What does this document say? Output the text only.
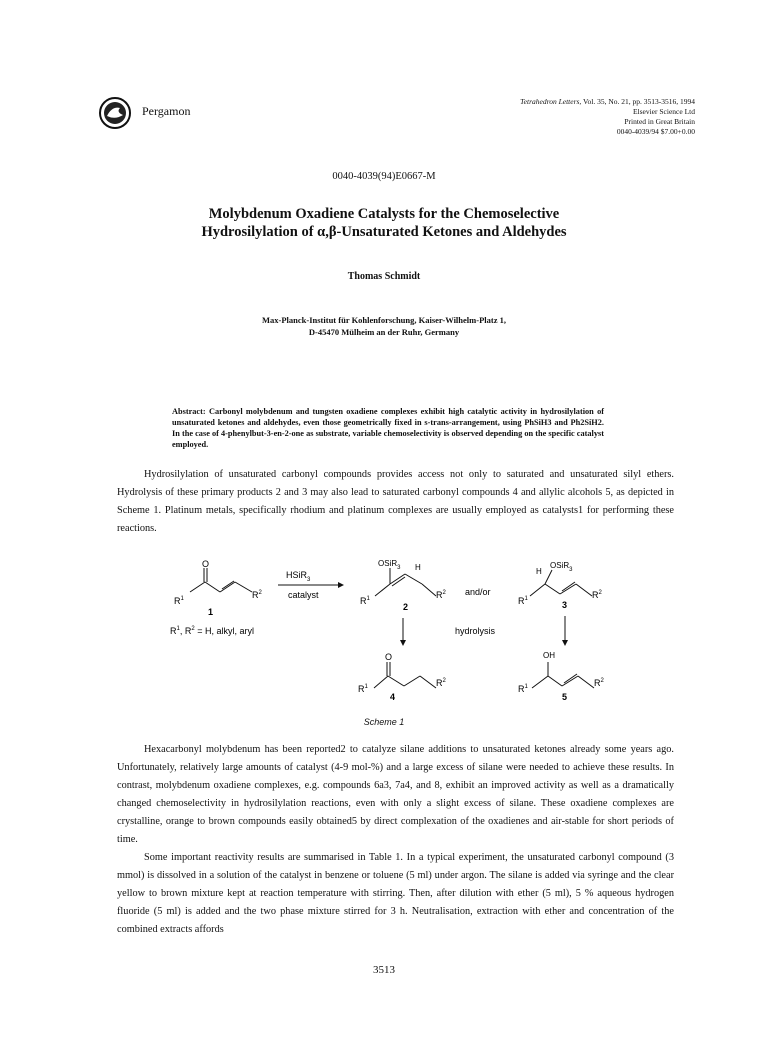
Pergamon
Tetrahedron Letters, Vol. 35, No. 21, pp. 3513-3516, 1994
Elsevier Science Ltd
Printed in Great Britain
0040-4039/94 $7.00+0.00
0040-4039(94)E0667-M
Molybdenum Oxadiene Catalysts for the Chemoselective
Hydrosilylation of α,β-Unsaturated Ketones and Aldehydes
Thomas Schmidt
Max-Planck-Institut für Kohlenforschung, Kaiser-Wilhelm-Platz 1,
D-45470 Mülheim an der Ruhr, Germany
Abstract: Carbonyl molybdenum and tungsten oxadiene complexes exhibit high catalytic activity in hydrosilylation of unsaturated ketones and aldehydes, even those geometrically fixed in s-trans-arrangement, using PhSiH3 and Ph2SiH2. In the case of 4-phenylbut-3-en-2-one as substrate, variable chemoselectivity is observed depending on the specific catalyst employed.

Hydrosilylation of unsaturated carbonyl compounds provides access not only to saturated and unsaturated silyl ethers. Hydrolysis of these primary products 2 and 3 may also lead to saturated carbonyl compounds 4 and allylic alcohols 5, as depicted in Scheme 1. Platinum metals, specifically rhodium and platinum complexes are usually employed as catalysts1 for performing these reactions.

O
$R^1$	$R^2$
1
$R^1$, $R^2 = H$, alkyl, aryl
HSiR$_3$
catalyst
OSiR$_3$ H
$R^1$	$R^2$
2
and/or
H
OSiR$_3$
$R^1$	$R^2$
3
hydrolysis
O
$R^1$	$R^2$
4
OH
$R^1$	$R^2$
5
Scheme 1

Hexacarbonyl molybdenum has been reported2 to catalyze silane additions to unsaturated ketones already some years ago. Unfortunately, relatively large amounts of catalyst (4-9 mol-%) and a large excess of silane were needed to achieve these results. In contrast, molybdenum oxadiene complexes, e.g. compounds 6a3, 7a4, and 8, exhibit an improved activity as well as a dramatically changed chemoselectivity in hydrosilylation reactions, even with only a slight excess of silane. These oxadiene complexes are crystalline, orange to brown compounds easily obtained5 by direct complexation of the oxadienes and air-stable for short periods of time.

Some important reactivity results are summarised in Table 1. In a typical experiment, the unsaturated carbonyl compound (3 mmol) is dissolved in a solution of the catalyst in benzene or toluene (5 ml) under argon. The silane is added via syringe and the clear yellow to brown mixture kept at reaction temperature with stirring. Then, after dilution with ether (5 ml), 5 % aqueous hydrogen fluoride (5 ml) is added and the two phase mixture stirred for 3 h. Neutralisation, extraction with ether and concentration of the combined extracts affords

3513
